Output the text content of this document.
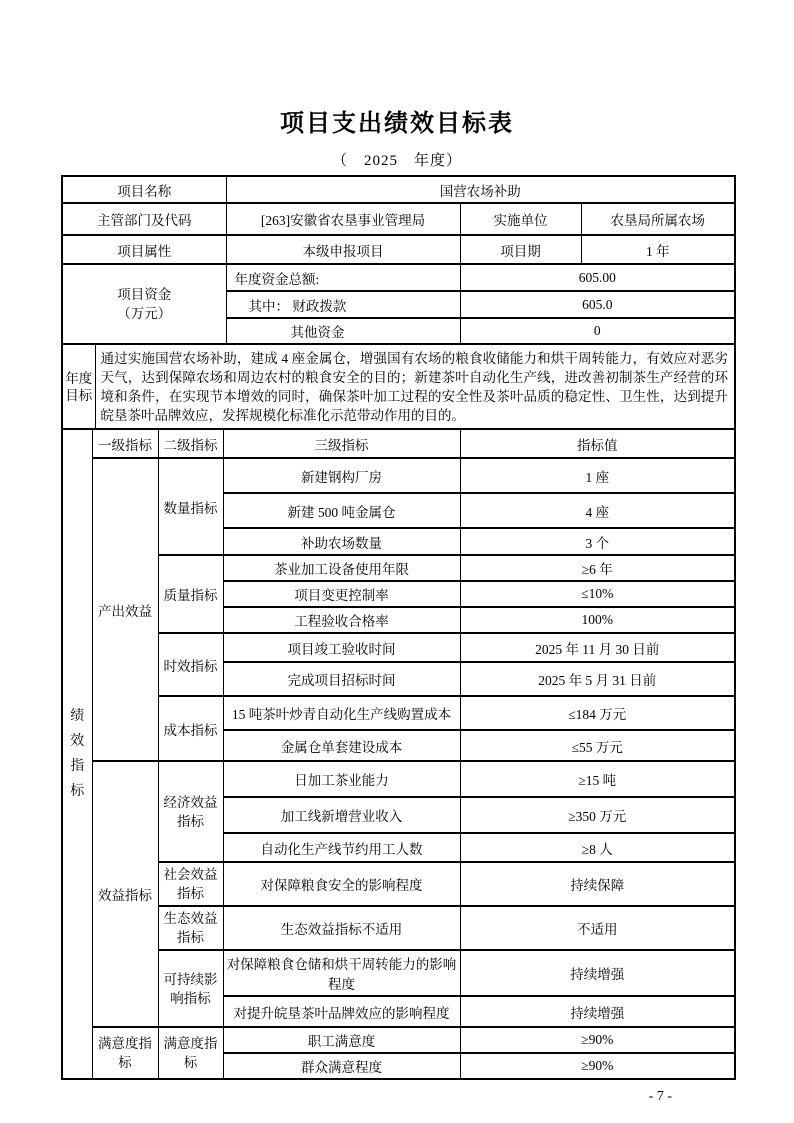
项目支出绩效目标表
（　2025　年度）
项目名称	国营农场补助		
主管部门及代码	[263]安徽省农垦事业管理局	实施单位	农垦局所属农场
项目属性	本级申报项目	项目期	1 年

项目资金
（万元）	年度资金总额:	605.00	
	其中： 财政拨款	605.0	
	其他资金	0	
年度目标	通过实施国营农场补助，建成 4 座金属仓，增强国有农场的粮食收储能力和烘干周转能力，有效应对恶劣天气，达到保障农场和周边农村的粮食安全的目的；新建茶叶自动化生产线，进改善初制茶生产经营的环境和条件，在实现节本增效的同时，确保茶叶加工过程的安全性及茶叶品质的稳定性、卫生性，达到提升皖垦茶叶品牌效应，发挥规模化标准化示范带动作用的目的。
绩效指标	一级指标	二级指标	三级指标	指标值
	产出效益	数量指标	新建钢构厂房	1 座
			新建 500 吨金属仓	4 座
			补助农场数量	3 个
		质量指标	茶业加工设备使用年限	≥6 年
			项目变更控制率	≤10%
			工程验收合格率	100%
		时效指标	项目竣工验收时间	2025 年 11 月 30 日前
			完成项目招标时间	2025 年 5 月 31 日前
		成本指标	15 吨茶叶炒青自动化生产线购置成本	≤184 万元
			金属仓单套建设成本	≤55 万元
	效益指标	经济效益指标	日加工茶业能力	≥15 吨
			加工线新增营业收入	≥350 万元
			自动化生产线节约用工人数	≥8 人
		社会效益指标	对保障粮食安全的影响程度	持续保障
		生态效益指标	生态效益指标不适用	不适用
		可持续影响指标	对保障粮食仓储和烘干周转能力的影响程度	持续增强
			对提升皖垦茶叶品牌效应的影响程度	持续增强
	满意度指标	满意度指标	职工满意度	≥90%
			群众满意程度	≥90%
- 7 -
